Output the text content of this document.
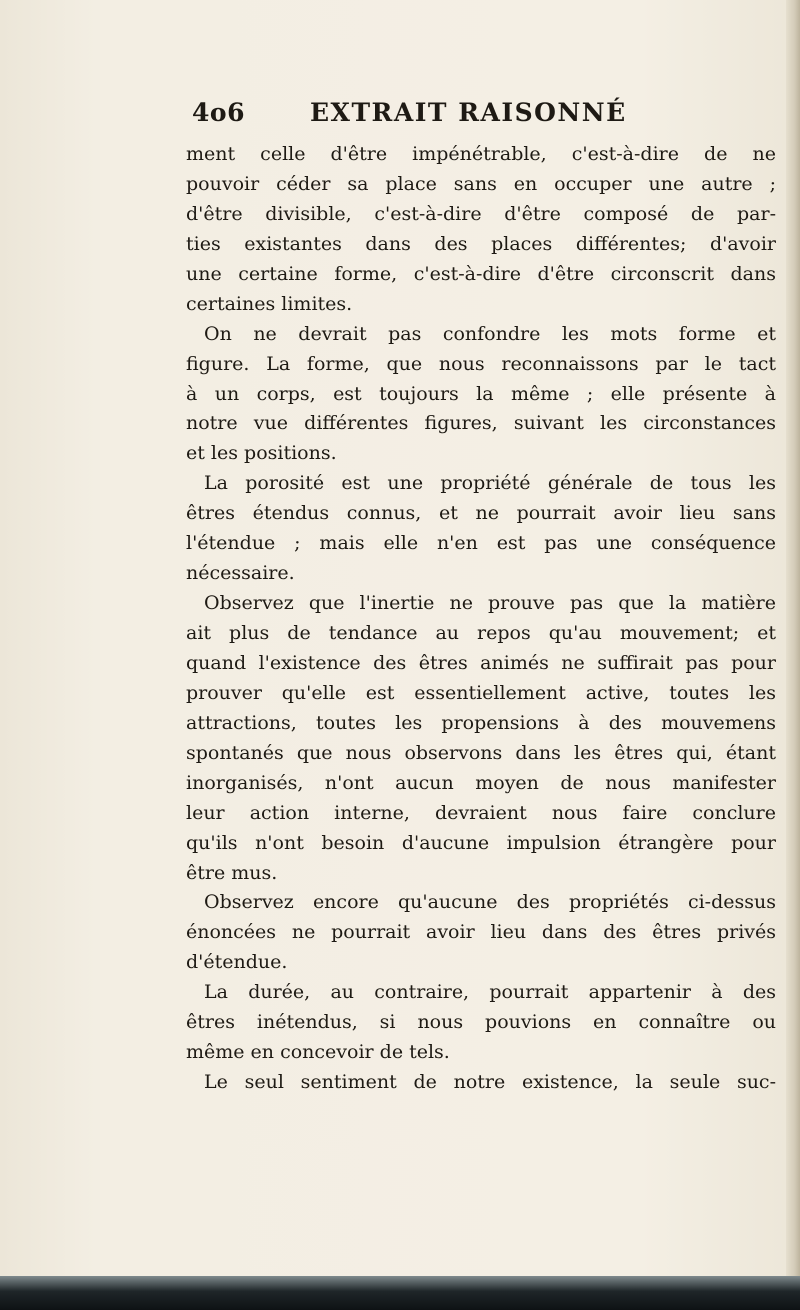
4o6	EXTRAIT RAISONNÉ
ment celle d'être impénétrable, c'est-à-dire de ne
pouvoir céder sa place sans en occuper une autre ;
d'être divisible, c'est-à-dire d'être composé de par-
ties existantes dans des places différentes; d'avoir
une certaine forme, c'est-à-dire d'être circonscrit dans
certaines limites.
On ne devrait pas confondre les mots forme et
figure. La forme, que nous reconnaissons par le tact
à un corps, est toujours la même ; elle présente à
notre vue différentes figures, suivant les circonstances
et les positions.
La porosité est une propriété générale de tous les
êtres étendus connus, et ne pourrait avoir lieu sans
l'étendue ; mais elle n'en est pas une conséquence
nécessaire.
Observez que l'inertie ne prouve pas que la matière
ait plus de tendance au repos qu'au mouvement; et
quand l'existence des êtres animés ne suffirait pas pour
prouver qu'elle est essentiellement active, toutes les
attractions, toutes les propensions à des mouvemens
spontanés que nous observons dans les êtres qui, étant
inorganisés, n'ont aucun moyen de nous manifester
leur action interne, devraient nous faire conclure
qu'ils n'ont besoin d'aucune impulsion étrangère pour
être mus.
Observez encore qu'aucune des propriétés ci-dessus
énoncées ne pourrait avoir lieu dans des êtres privés
d'étendue.
La durée, au contraire, pourrait appartenir à des
êtres inétendus, si nous pouvions en connaître ou
même en concevoir de tels.
Le seul sentiment de notre existence, la seule suc-
